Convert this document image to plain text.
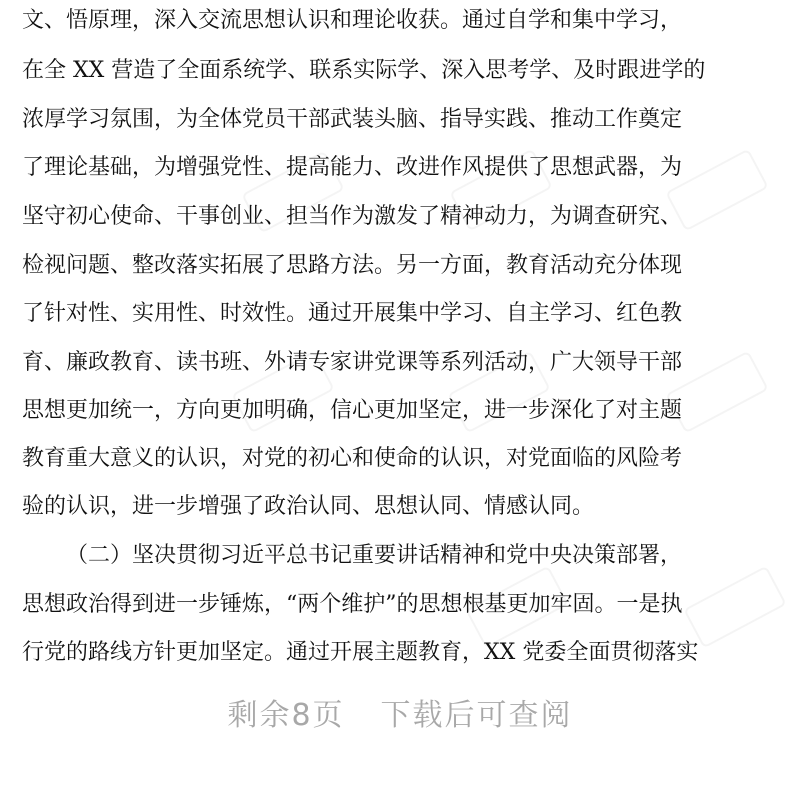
文、悟原理，深入交流思想认识和理论收获。通过自学和集中学习，
在全 XX 营造了全面系统学、联系实际学、深入思考学、及时跟进学的
浓厚学习氛围，为全体党员干部武装头脑、指导实践、推动工作奠定
了理论基础，为增强党性、提高能力、改进作风提供了思想武器，为
坚守初心使命、干事创业、担当作为激发了精神动力，为调查研究、
检视问题、整改落实拓展了思路方法。另一方面，教育活动充分体现
了针对性、实用性、时效性。通过开展集中学习、自主学习、红色教
育、廉政教育、读书班、外请专家讲党课等系列活动，广大领导干部
思想更加统一，方向更加明确，信心更加坚定，进一步深化了对主题
教育重大意义的认识，对党的初心和使命的认识，对党面临的风险考
验的认识，进一步增强了政治认同、思想认同、情感认同。
（二）坚决贯彻习近平总书记重要讲话精神和党中央决策部署，
思想政治得到进一步锤炼，“两个维护”的思想根基更加牢固。一是执
行党的路线方针更加坚定。通过开展主题教育，XX 党委全面贯彻落实
剩余8页 下载后可查阅
